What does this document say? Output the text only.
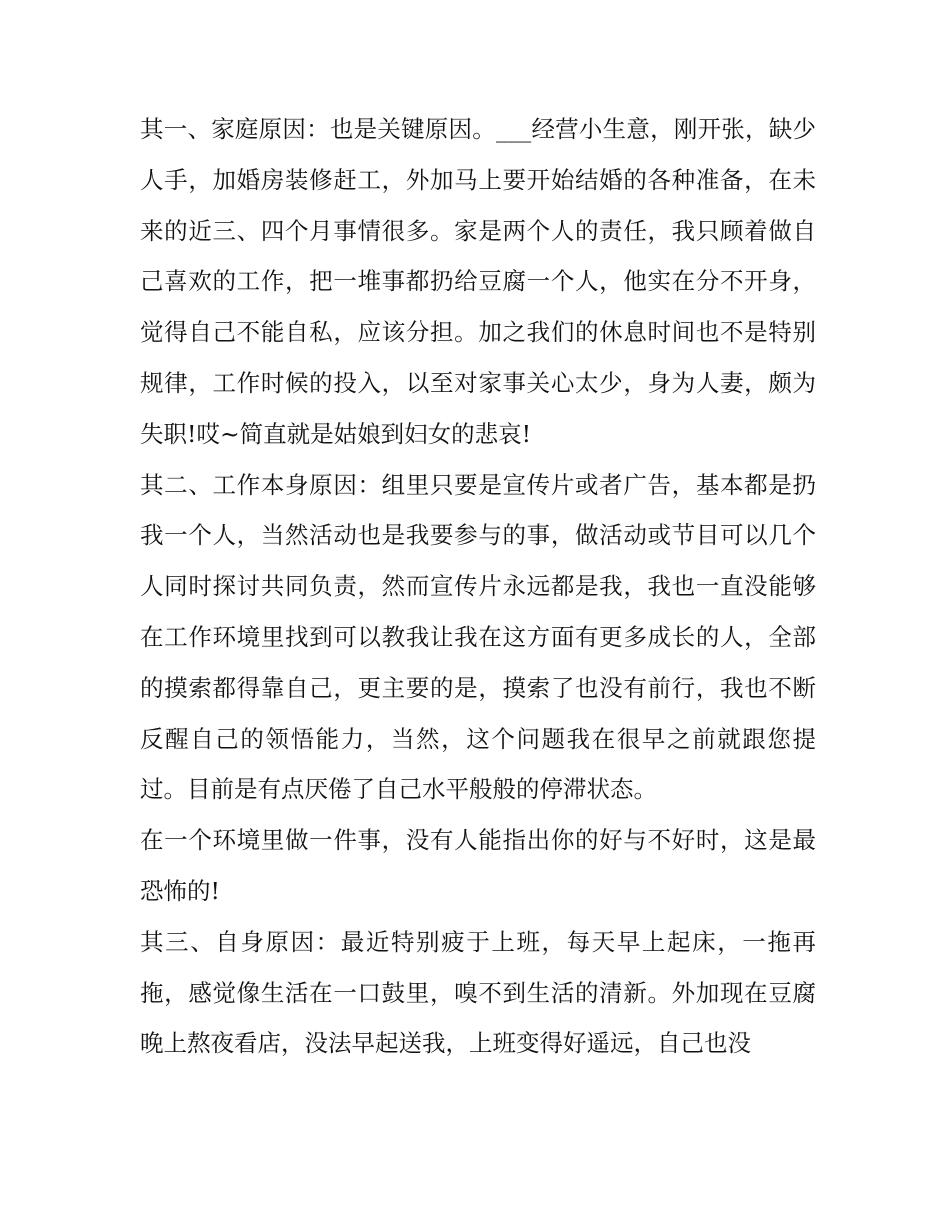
其一、家庭原因：也是关键原因。___经营小生意，刚开张，缺少人手，加婚房装修赶工，外加马上要开始结婚的各种准备，在未来的近三、四个月事情很多。家是两个人的责任，我只顾着做自己喜欢的工作，把一堆事都扔给豆腐一个人，他实在分不开身，觉得自己不能自私，应该分担。加之我们的休息时间也不是特别规律，工作时候的投入，以至对家事关心太少，身为人妻，颇为失职!哎~简直就是姑娘到妇女的悲哀!

其二、工作本身原因：组里只要是宣传片或者广告，基本都是扔我一个人，当然活动也是我要参与的事，做活动或节目可以几个人同时探讨共同负责，然而宣传片永远都是我，我也一直没能够在工作环境里找到可以教我让我在这方面有更多成长的人，全部的摸索都得靠自己，更主要的是，摸索了也没有前行，我也不断反醒自己的领悟能力，当然，这个问题我在很早之前就跟您提过。目前是有点厌倦了自己水平般般的停滞状态。

在一个环境里做一件事，没有人能指出你的好与不好时，这是最恐怖的!

其三、自身原因：最近特别疲于上班，每天早上起床，一拖再拖，感觉像生活在一口鼓里，嗅不到生活的清新。外加现在豆腐晚上熬夜看店，没法早起送我，上班变得好遥远，自己也没
